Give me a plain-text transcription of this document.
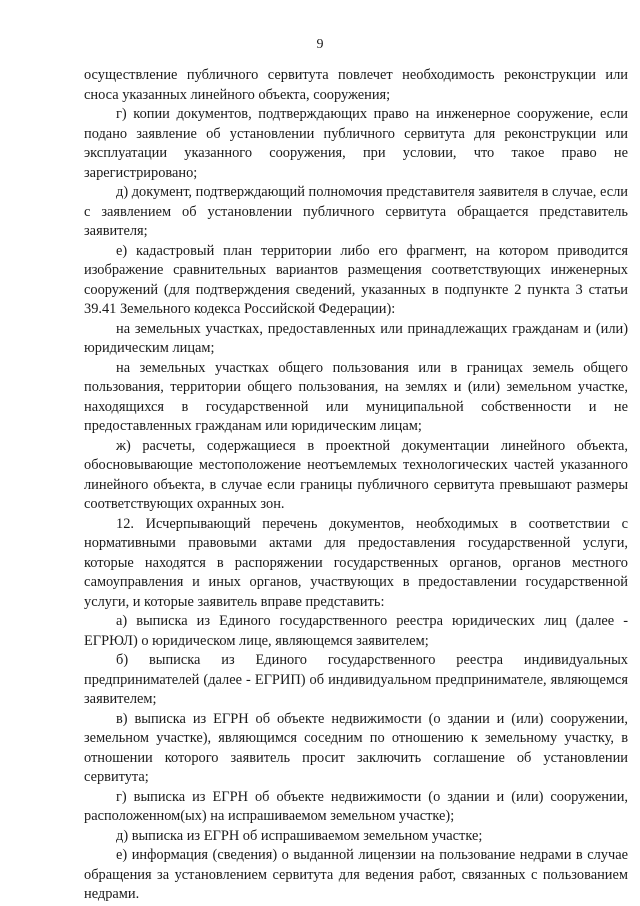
9

осуществление публичного сервитута повлечет необходимость реконструкции или сноса указанных линейного объекта, сооружения;

г) копии документов, подтверждающих право на инженерное сооружение, если подано заявление об установлении публичного сервитута для реконструкции или эксплуатации указанного сооружения, при условии, что такое право не зарегистрировано;

д) документ, подтверждающий полномочия представителя заявителя в случае, если с заявлением об установлении публичного сервитута обращается представитель заявителя;

е) кадастровый план территории либо его фрагмент, на котором приводится изображение сравнительных вариантов размещения соответствующих инженерных сооружений (для подтверждения сведений, указанных в подпункте 2 пункта 3 статьи 39.41 Земельного кодекса Российской Федерации):

на земельных участках, предоставленных или принадлежащих гражданам и (или) юридическим лицам;

на земельных участках общего пользования или в границах земель общего пользования, территории общего пользования, на землях и (или) земельном участке, находящихся в государственной или муниципальной собственности и не предоставленных гражданам или юридическим лицам;

ж) расчеты, содержащиеся в проектной документации линейного объекта, обосновывающие местоположение неотъемлемых технологических частей указанного линейного объекта, в случае если границы публичного сервитута превышают размеры соответствующих охранных зон.

12. Исчерпывающий перечень документов, необходимых в соответствии с нормативными правовыми актами для предоставления государственной услуги, которые находятся в распоряжении государственных органов, органов местного самоуправления и иных органов, участвующих в предоставлении государственной услуги, и которые заявитель вправе представить:

а) выписка из Единого государственного реестра юридических лиц (далее - ЕГРЮЛ) о юридическом лице, являющемся заявителем;

б) выписка из Единого государственного реестра индивидуальных предпринимателей (далее - ЕГРИП) об индивидуальном предпринимателе, являющемся заявителем;

в) выписка из ЕГРН об объекте недвижимости (о здании и (или) сооружении, земельном участке), являющимся соседним по отношению к земельному участку, в отношении которого заявитель просит заключить соглашение об установлении сервитута;

г) выписка из ЕГРН об объекте недвижимости (о здании и (или) сооружении, расположенном(ых) на испрашиваемом земельном участке);

д) выписка из ЕГРН об испрашиваемом земельном участке;

е) информация (сведения) о выданной лицензии на пользование недрами в случае обращения за установлением сервитута для ведения работ, связанных с пользованием недрами.
